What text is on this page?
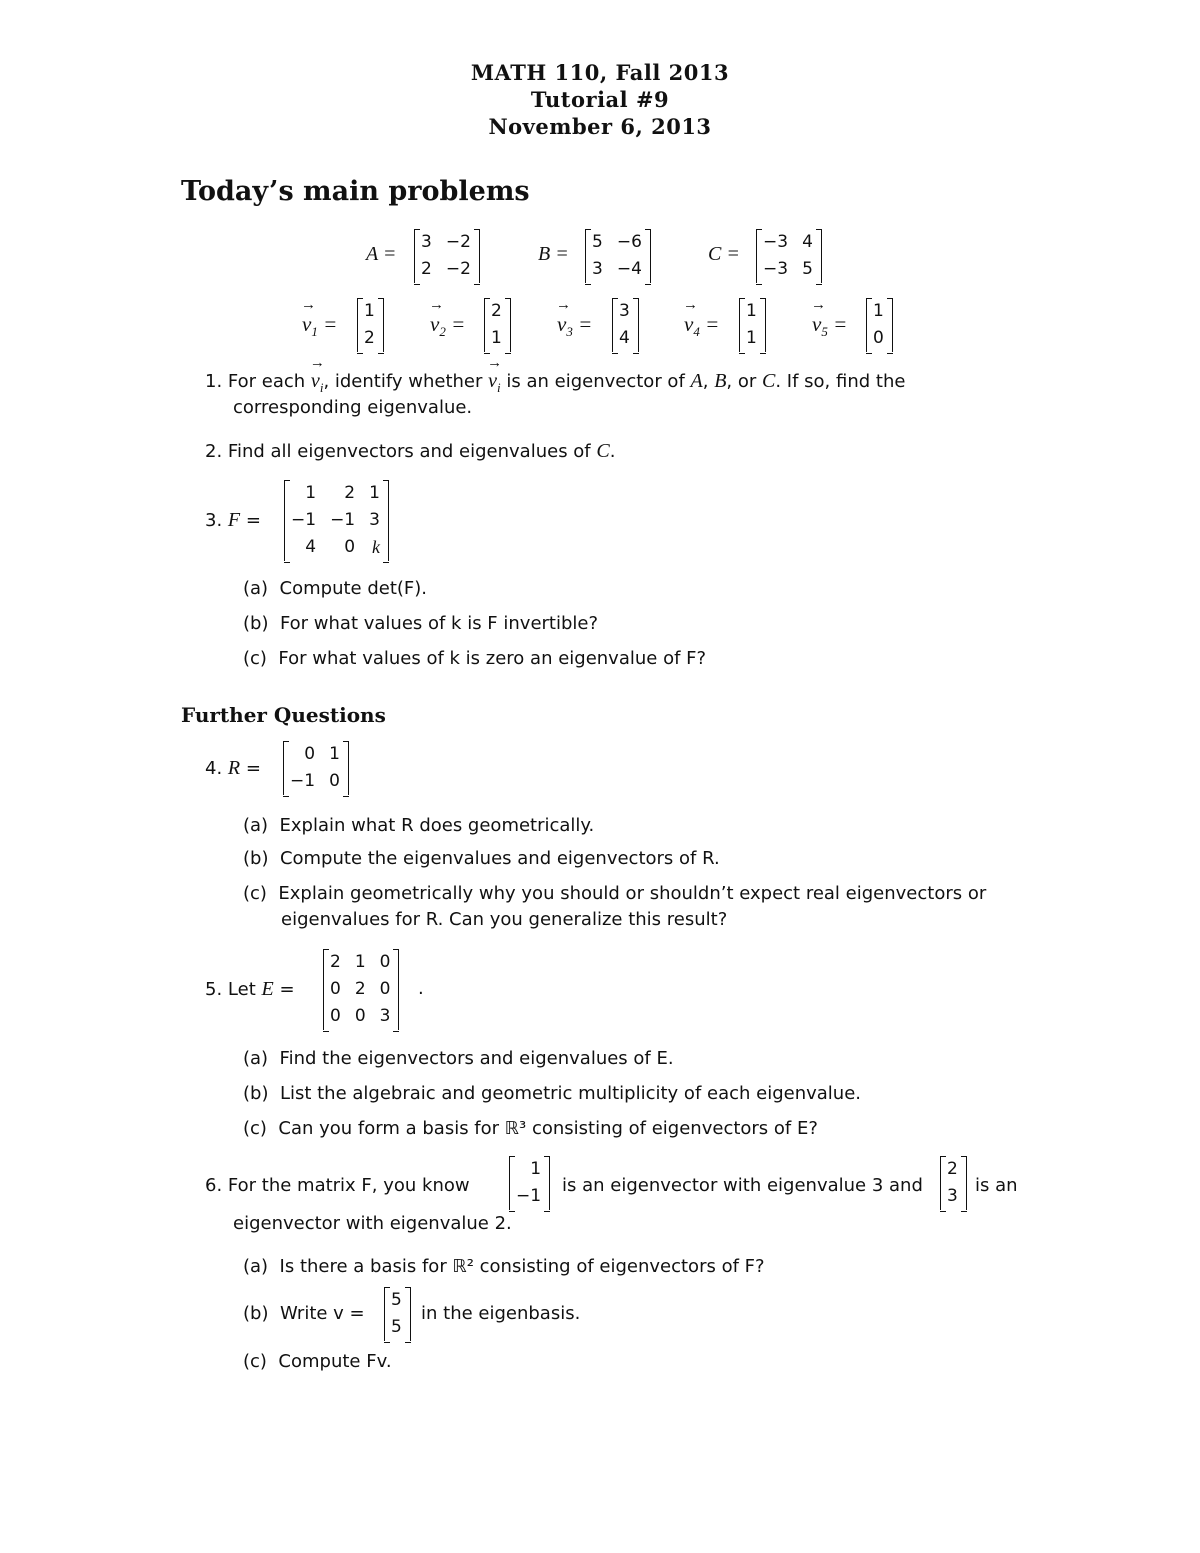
MATH 110, Fall 2013
Tutorial #9
November 6, 2013
Today’s main problems
A =
3	−2
2	−2
B =
5	−6
3	−4
C =
−3	4
−3	5
→ $v_1$ =
1
2
→ $v_2$ =
2
1
→ $v_3$ =
3
4
→ $v_4$ =
1
1
→ $v_5$ =
1
0
1. For each → $v_i$, identify whether → $v_i$ is an eigenvector of A, B, or C. If so, find the
corresponding eigenvalue.
2. Find all eigenvectors and eigenvalues of C.
3. F =
1	2	1
−1	−1	3
4	0	k
(a) Compute det(F).
(b) For what values of k is F invertible?
(c) For what values of k is zero an eigenvalue of F?
Further Questions
4. R =
0	1
−1	0
(a) Explain what R does geometrically.
(b) Compute the eigenvalues and eigenvectors of R.
(c) Explain geometrically why you should or shouldn’t expect real eigenvectors or
eigenvalues for R. Can you generalize this result?
5. Let E =
2	1	0
0	2	0
0	0	3
.
(a) Find the eigenvectors and eigenvalues of E.
(b) List the algebraic and geometric multiplicity of each eigenvalue.
(c) Can you form a basis for ℝ³ consisting of eigenvectors of E?
6. For the matrix F, you know
1
−1 is an eigenvector with eigenvalue 3 and
2
3 is an
eigenvector with eigenvalue 2.
(a) Is there a basis for ℝ² consisting of eigenvectors of F?
(b) Write v =
5
5
in the eigenbasis.
(c) Compute Fv.
